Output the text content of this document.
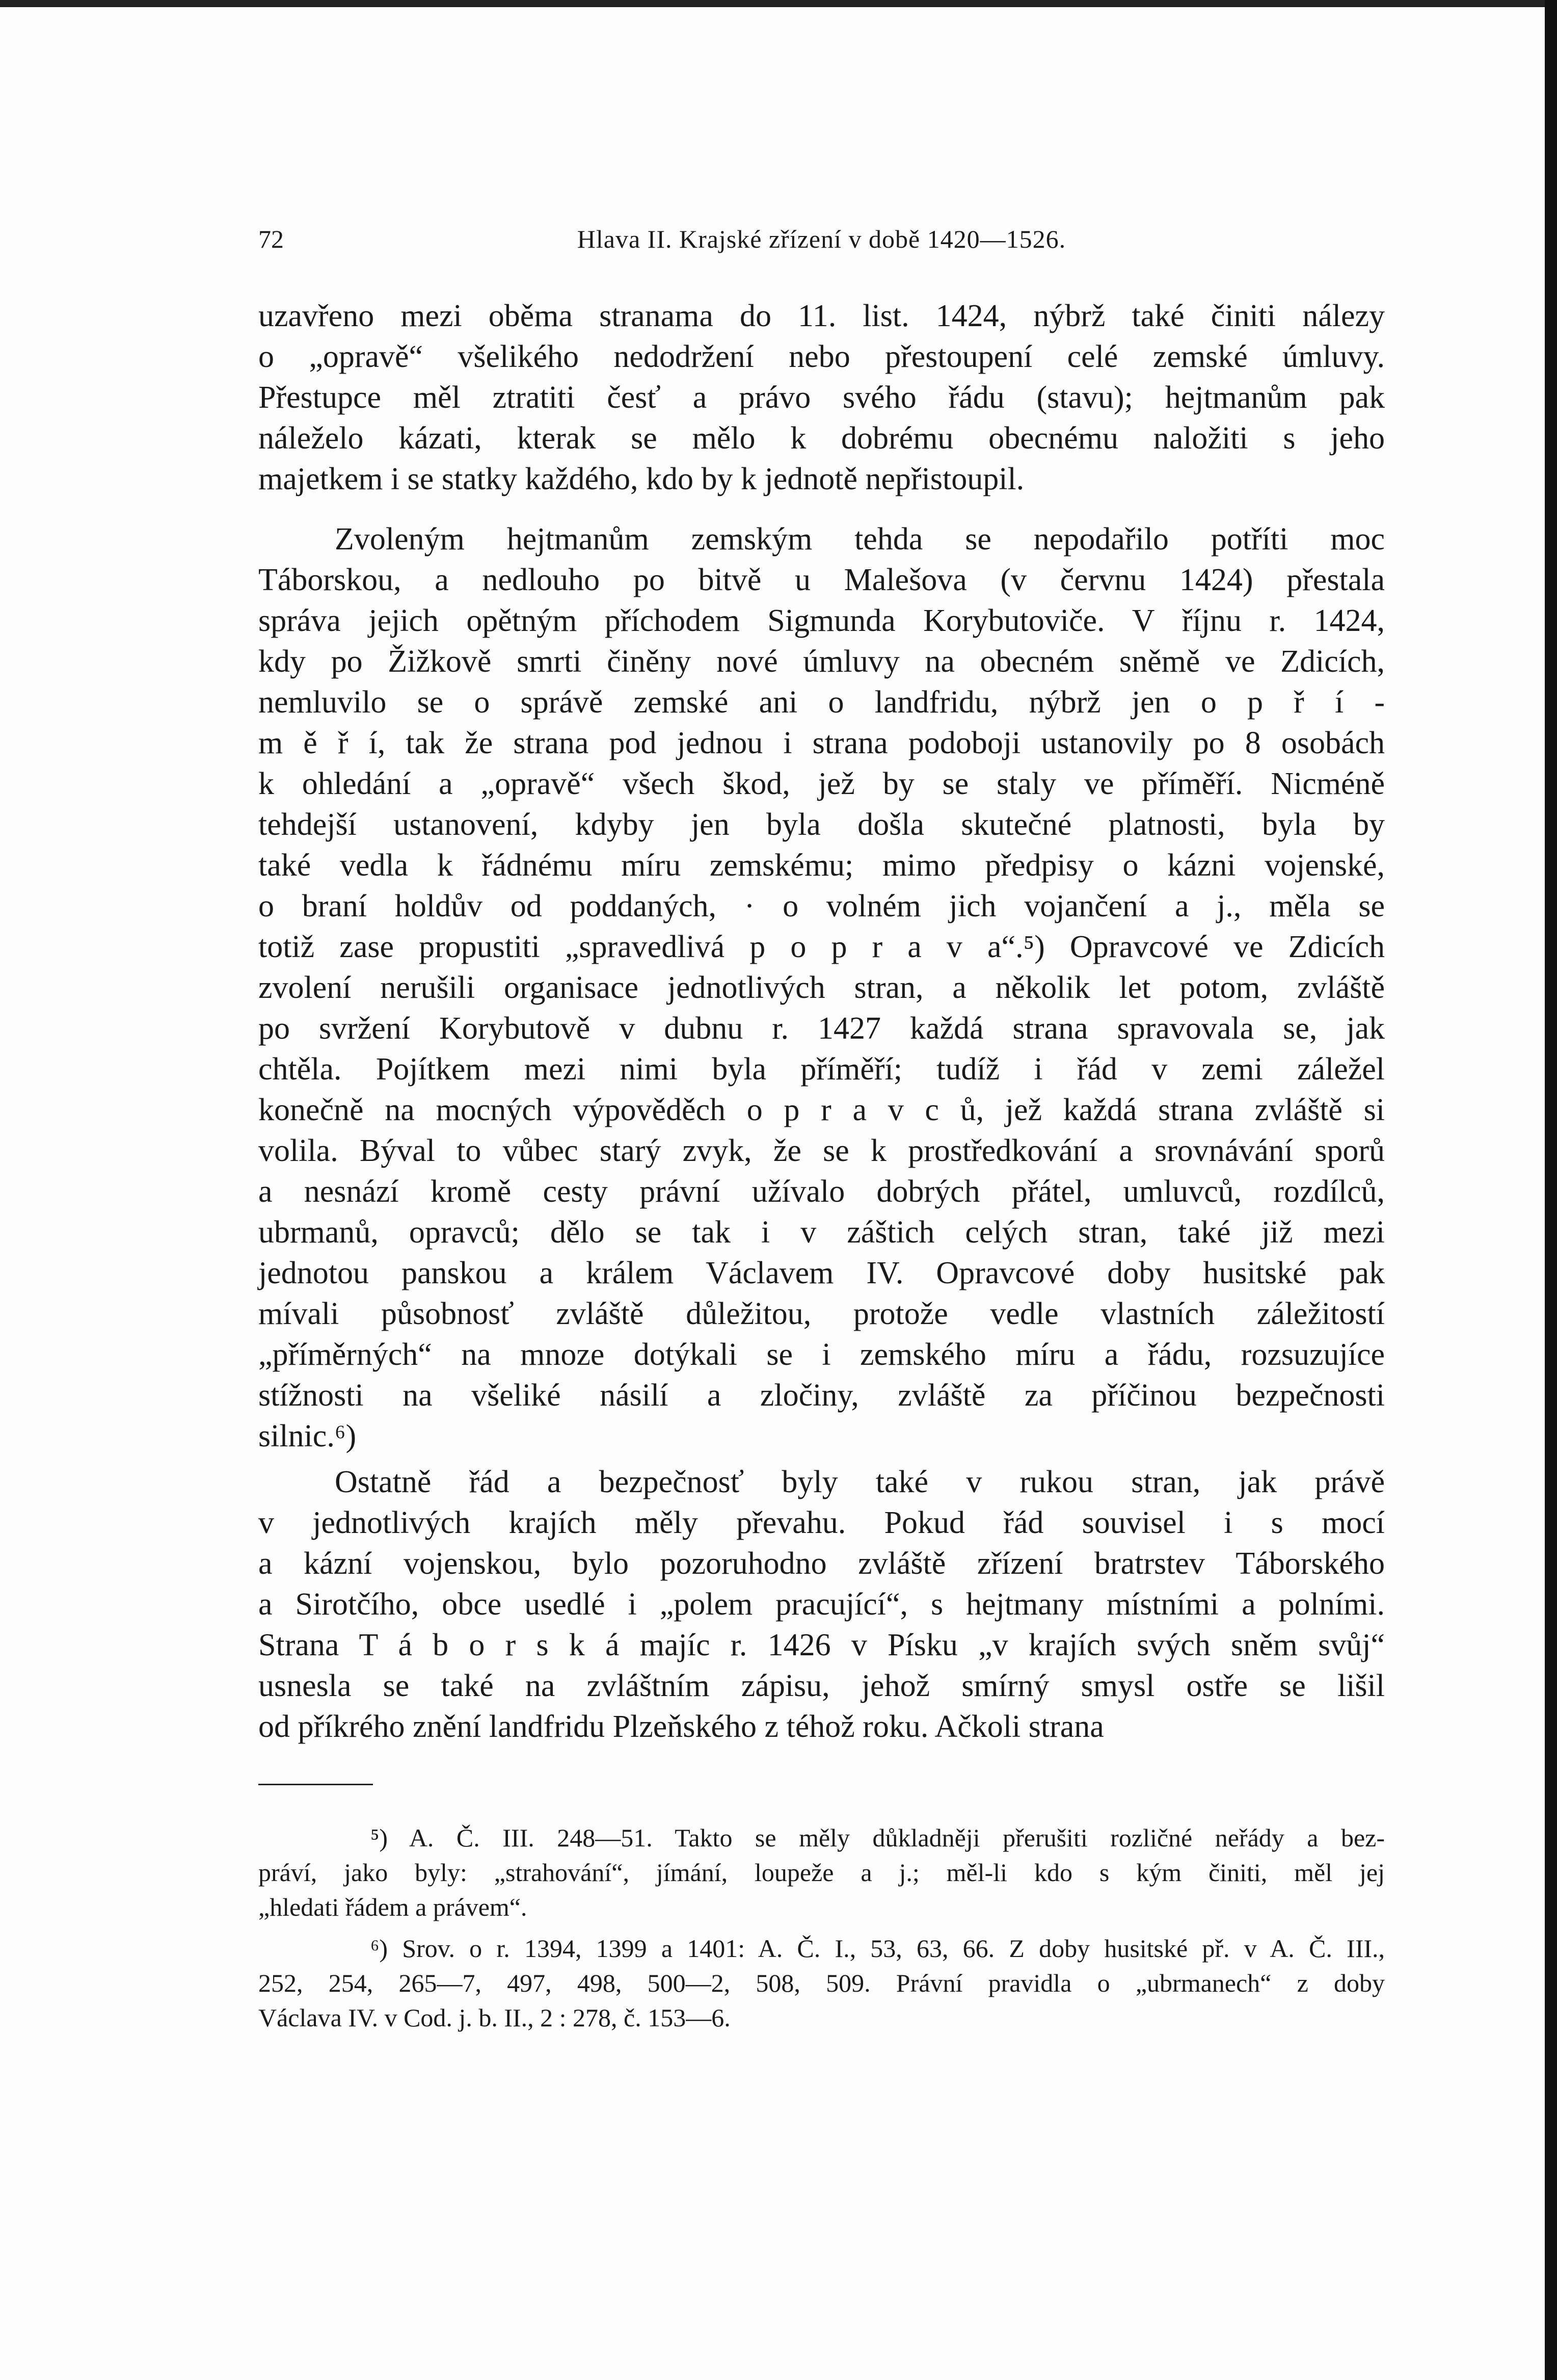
72	Hlava II. Krajské zřízení v době 1420—1526.
uzavřeno mezi oběma stranama do 11. list. 1424, nýbrž také činiti nálezy
o „opravě“ všelikého nedodržení nebo přestoupení celé zemské úmluvy.
Přestupce měl ztratiti česť a právo svého řádu (stavu); hejtmanům pak
náleželo kázati, kterak se mělo k dobrému obecnému naložiti s jeho
majetkem i se statky každého, kdo by k jednotě nepřistoupil.
Zvoleným hejtmanům zemským tehda se nepodařilo potříti moc
Táborskou, a nedlouho po bitvě u Malešova (v červnu 1424) přestala
správa jejich opětným příchodem Sigmunda Korybutoviče. V říjnu r. 1424,
kdy po Žižkově smrti činěny nové úmluvy na obecném sněmě ve Zdicích,
nemluvilo se o správě zemské ani o landfridu, nýbrž jen o p ř í -
m ě ř í, tak že strana pod jednou i strana podoboji ustanovily po 8 osobách
k ohledání a „opravě“ všech škod, jež by se staly ve příměří. Nicméně
tehdejší ustanovení, kdyby jen byla došla skutečné platnosti, byla by
také vedla k řádnému míru zemskému; mimo předpisy o kázni vojenské,
o braní holdův od poddaných, · o volném jich vojančení a j., měla se
totiž zase propustiti „spravedlivá p o p r a v a“.⁵) Opravcové ve Zdicích
zvolení nerušili organisace jednotlivých stran, a několik let potom, zvláště
po svržení Korybutově v dubnu r. 1427 každá strana spravovala se, jak
chtěla. Pojítkem mezi nimi byla příměří; tudíž i řád v zemi záležel
konečně na mocných výpověděch o p r a v c ů, jež každá strana zvláště si
volila. Býval to vůbec starý zvyk, že se k prostředkování a srovnávání sporů
a nesnází kromě cesty právní užívalo dobrých přátel, umluvců, rozdílců,
ubrmanů, opravců; dělo se tak i v záštich celých stran, také již mezi
jednotou panskou a králem Václavem IV. Opravcové doby husitské pak
mívali působnosť zvláště důležitou, protože vedle vlastních záležitostí
„příměrných“ na mnoze dotýkali se i zemského míru a řádu, rozsuzujíce
stížnosti na všeliké násilí a zločiny, zvláště za příčinou bezpečnosti
silnic.⁶)
Ostatně řád a bezpečnosť byly také v rukou stran, jak právě
v jednotlivých krajích měly převahu. Pokud řád souvisel i s mocí
a kázní vojenskou, bylo pozoruhodno zvláště zřízení bratrstev Táborského
a Sirotčího, obce usedlé i „polem pracující“, s hejtmany místními a polními.
Strana T á b o r s k á majíc r. 1426 v Písku „v krajích svých sněm svůj“
usnesla se také na zvláštním zápisu, jehož smírný smysl ostře se lišil
od příkrého znění landfridu Plzeňského z téhož roku. Ačkoli strana
⁵) A. Č. III. 248—51. Takto se měly důkladněji přerušiti rozličné neřády a bez-
práví, jako byly: „strahování“, jímání, loupeže a j.; měl-li kdo s kým činiti, měl jej
„hledati řádem a právem“.
⁶) Srov. o r. 1394, 1399 a 1401: A. Č. I., 53, 63, 66. Z doby husitské př. v A. Č. III.,
252, 254, 265—7, 497, 498, 500—2, 508, 509. Právní pravidla o „ubrmanech“ z doby
Václava IV. v Cod. j. b. II., 2 : 278, č. 153—6.
